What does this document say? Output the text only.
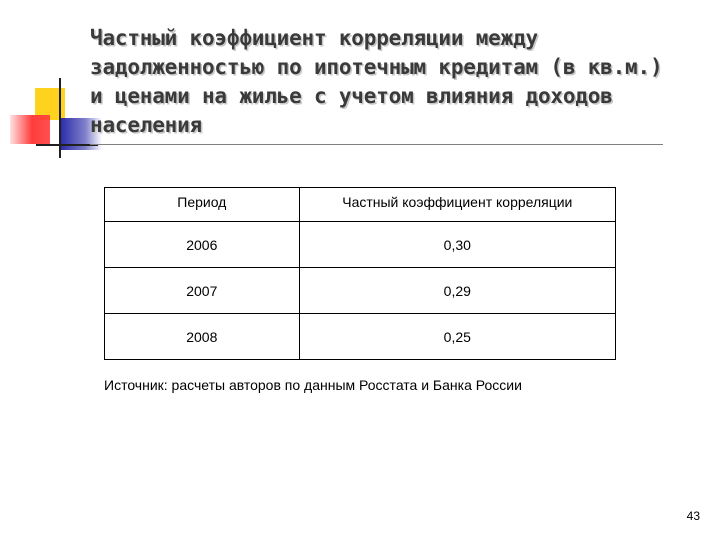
Частный коэффициент корреляции между задолженностью по ипотечным кредитам (в кв.м.) и ценами на жилье с учетом влияния доходов населения
Период	Частный коэффициент корреляции
2006	0,30
2007	0,29
2008	0,25

Источник: расчеты авторов по данным Росстата и Банка России

43
